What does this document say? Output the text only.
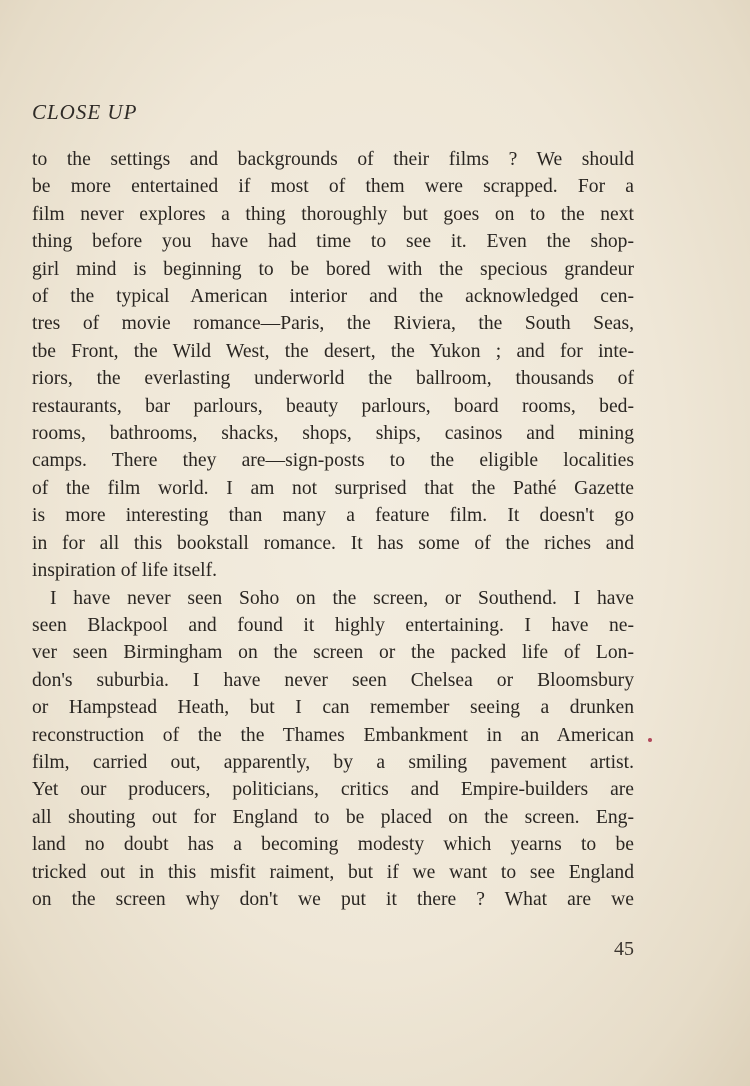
CLOSE UP
to the settings and backgrounds of their films ? We should
be more entertained if most of them were scrapped. For a
film never explores a thing thoroughly but goes on to the next
thing before you have had time to see it. Even the shop-
girl mind is beginning to be bored with the specious grandeur
of the typical American interior and the acknowledged cen-
tres of movie romance—Paris, the Riviera, the South Seas,
tbe Front, the Wild West, the desert, the Yukon ; and for inte-
riors, the everlasting underworld the ballroom, thousands of
restaurants, bar parlours, beauty parlours, board rooms, bed-
rooms, bathrooms, shacks, shops, ships, casinos and mining
camps. There they are—sign-posts to the eligible localities
of the film world. I am not surprised that the Pathé Gazette
is more interesting than many a feature film. It doesn't go
in for all this bookstall romance. It has some of the riches and
inspiration of life itself.
I have never seen Soho on the screen, or Southend. I have
seen Blackpool and found it highly entertaining. I have ne-
ver seen Birmingham on the screen or the packed life of Lon-
don's suburbia. I have never seen Chelsea or Bloomsbury
or Hampstead Heath, but I can remember seeing a drunken
reconstruction of the the Thames Embankment in an American
film, carried out, apparently, by a smiling pavement artist.
Yet our producers, politicians, critics and Empire-builders are
all shouting out for England to be placed on the screen. Eng-
land no doubt has a becoming modesty which yearns to be
tricked out in this misfit raiment, but if we want to see England
on the screen why don't we put it there ? What are we
45
